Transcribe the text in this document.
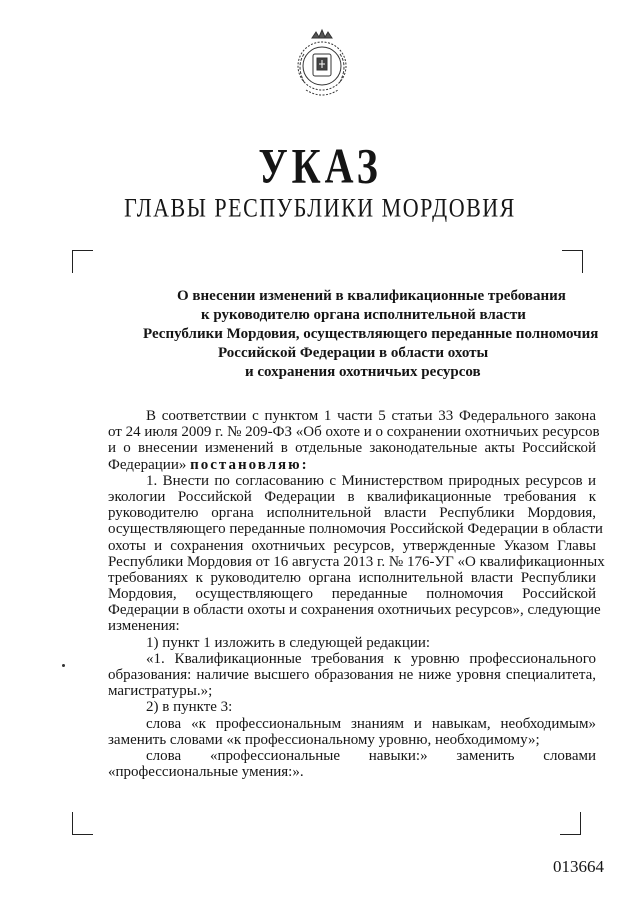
УКАЗ
ГЛАВЫ РЕСПУБЛИКИ МОРДОВИЯ
О внесении изменений в квалификационные требования
к руководителю органа исполнительной власти
Республики Мордовия, осуществляющего переданные полномочия
Российской Федерации в области охоты
и сохранения охотничьих ресурсов
В соответствии с пунктом 1 части 5 статьи 33 Федерального закона
от 24 июля 2009 г. № 209-ФЗ «Об охоте и о сохранении охотничьих ресурсов
и о внесении изменений в отдельные законодательные акты Российской
Федерации» постановляю:
1. Внести по согласованию с Министерством природных ресурсов и
экологии Российской Федерации в квалификационные требования к
руководителю органа исполнительной власти Республики Мордовия,
осуществляющего переданные полномочия Российской Федерации в области
охоты и сохранения охотничьих ресурсов, утвержденные Указом Главы
Республики Мордовия от 16 августа 2013 г. № 176-УГ «О квалификационных
требованиях к руководителю органа исполнительной власти Республики
Мордовия, осуществляющего переданные полномочия Российской
Федерации в области охоты и сохранения охотничьих ресурсов», следующие
изменения:
1) пункт 1 изложить в следующей редакции:
«1. Квалификационные требования к уровню профессионального
образования: наличие высшего образования не ниже уровня специалитета,
магистратуры.»;
2) в пункте 3:
слова «к профессиональным знаниям и навыкам, необходимым»
заменить словами «к профессиональному уровню, необходимому»;
слова «профессиональные навыки:» заменить словами
«профессиональные умения:».
013664
